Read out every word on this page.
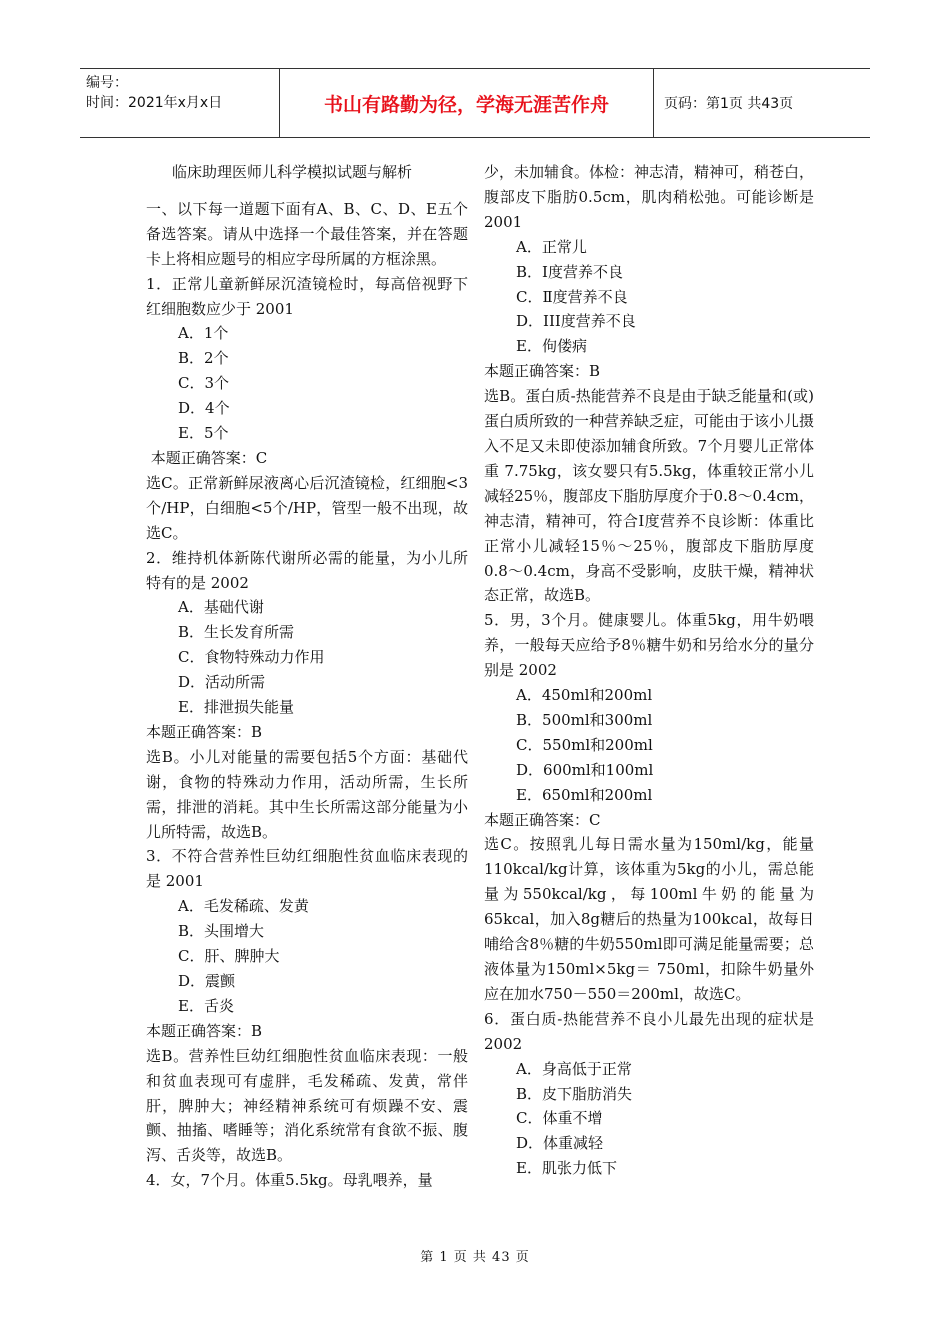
编号：
时间：2021年x月x日	书山有路勤为径，学海无涯苦作舟	页码：第1页 共43页

临床助理医师儿科学模拟试题与解析

一、以下每一道题下面有A、B、C、D、E五个备选答案。请从中选择一个最佳答案，并在答题卡上将相应题号的相应字母所属的方框涂黑。

1．正常儿童新鲜尿沉渣镜检时，每高倍视野下红细胞数应少于 2001

A．1个

B．2个

C．3个

D．4个

E．5个

本题正确答案：C

选C。正常新鲜尿液离心后沉渣镜检，红细胞<3个/HP，白细胞<5个/HP，管型一般不出现，故选C。

2．维持机体新陈代谢所必需的能量，为小儿所特有的是 2002

A．基础代谢

B．生长发育所需

C．食物特殊动力作用

D．活动所需

E．排泄损失能量

本题正确答案：B

选B。小儿对能量的需要包括5个方面：基础代谢，食物的特殊动力作用，活动所需，生长所需，排泄的消耗。其中生长所需这部分能量为小儿所特需，故选B。

3．不符合营养性巨幼红细胞性贫血临床表现的是 2001

A．毛发稀疏、发黄

B．头围增大

C．肝、脾肿大

D．震颤

E．舌炎

本题正确答案：B

选B。营养性巨幼红细胞性贫血临床表现：一般和贫血表现可有虚胖，毛发稀疏、发黄，常伴肝，脾肿大；神经精神系统可有烦躁不安、震颤、抽搐、嗜睡等；消化系统常有食欲不振、腹泻、舌炎等，故选B。

4．女，7个月。体重5.5kg。母乳喂养，量

少，未加辅食。体检：神志清，精神可，稍苍白，腹部皮下脂肪0.5cm，肌肉稍松弛。可能诊断是 2001

A．正常儿

B．I度营养不良

C．Ⅱ度营养不良

D．III度营养不良

E．佝偻病

本题正确答案：B

选B。蛋白质-热能营养不良是由于缺乏能量和(或)蛋白质所致的一种营养缺乏症，可能由于该小儿摄入不足又未即使添加辅食所致。7个月婴儿正常体重 7.75kg，该女婴只有5.5kg，体重较正常小儿减轻25％，腹部皮下脂肪厚度介于0.8～0.4cm，神志清，精神可，符合I度营养不良诊断：体重比正常小儿减轻15％～25％，腹部皮下脂肪厚度0.8～0.4cm，身高不受影响，皮肤干燥，精神状态正常，故选B。

5．男，3个月。健康婴儿。体重5kg，用牛奶喂养，一般每天应给予8％糖牛奶和另给水分的量分别是 2002

A．450ml和200ml

B．500ml和300ml

C．550ml和200ml

D．600ml和100ml

E．650ml和200ml

本题正确答案：C

选C。按照乳儿每日需水量为150ml/kg，能量110kcal/kg计算，该体重为5kg的小儿，需总能量为550kcal/kg，每100ml牛奶的能量为65kcal，加入8g糖后的热量为100kcal，故每日哺给含8％糖的牛奶550ml即可满足能量需要；总液体量为150ml×5kg＝ 750ml，扣除牛奶量外应在加水750－550＝200ml，故选C。

6．蛋白质-热能营养不良小儿最先出现的症状是 2002

A．身高低于正常

B．皮下脂肪消失

C．体重不增

D．体重减轻

E．肌张力低下

第 1 页 共 43 页
